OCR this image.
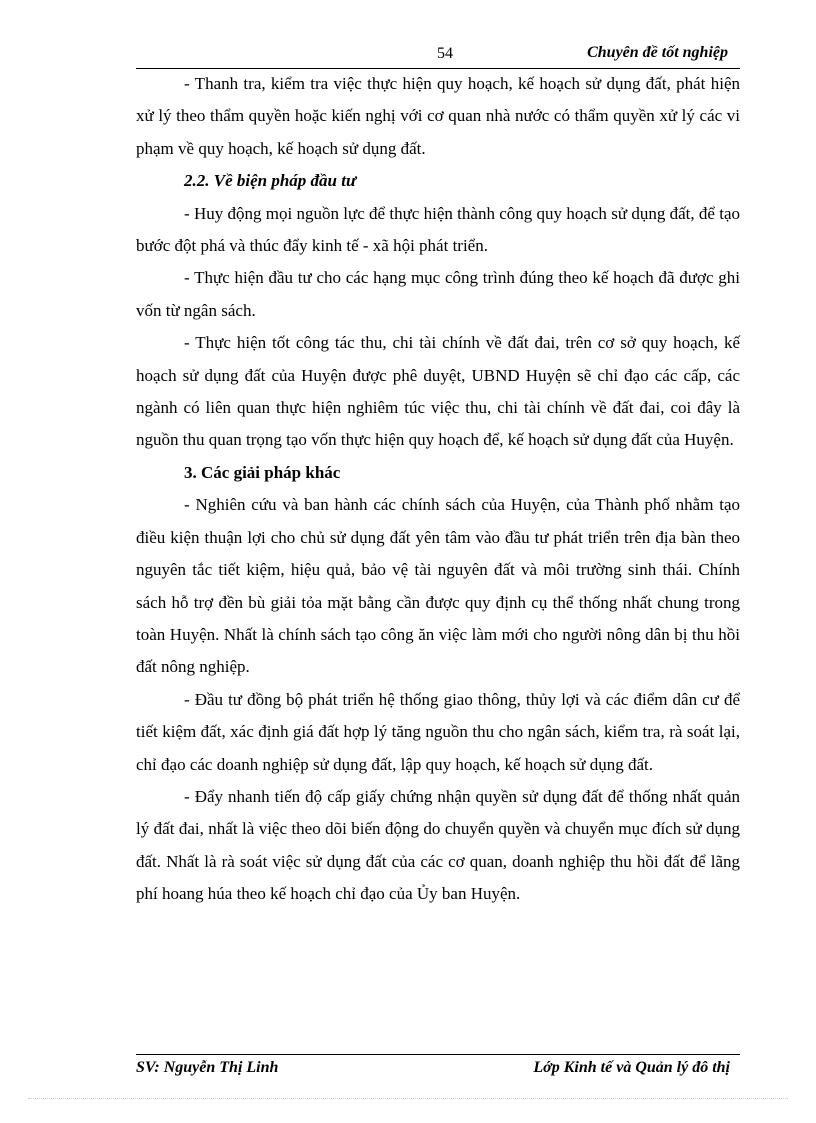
54	Chuyên đề tốt nghiệp

- Thanh tra, kiểm tra việc thực hiện quy hoạch, kế hoạch sử dụng đất, phát hiện xử lý theo thẩm quyền hoặc kiến nghị với cơ quan nhà nước có thẩm quyền xử lý các vi phạm về quy hoạch, kế hoạch sử dụng đất.

2.2. Về biện pháp đầu tư

- Huy động mọi nguồn lực để thực hiện thành công quy hoạch sử dụng đất, để tạo bước đột phá và thúc đẩy kinh tế - xã hội phát triển.

- Thực hiện đầu tư cho các hạng mục công trình đúng theo kế hoạch đã được ghi vốn từ ngân sách.

- Thực hiện tốt công tác thu, chi tài chính về đất đai, trên cơ sở quy hoạch, kế hoạch sử dụng đất của Huyện được phê duyệt, UBND Huyện sẽ chỉ đạo các cấp, các ngành có liên quan thực hiện nghiêm túc việc thu, chi tài chính về đất đai, coi đây là nguồn thu quan trọng tạo vốn thực hiện quy hoạch để, kế hoạch sử dụng đất của Huyện.

3. Các giải pháp khác

- Nghiên cứu và ban hành các chính sách của Huyện, của Thành phố nhằm tạo điều kiện thuận lợi cho chủ sử dụng đất yên tâm vào đầu tư phát triển trên địa bàn theo nguyên tắc tiết kiệm, hiệu quả, bảo vệ tài nguyên đất và môi trường sinh thái. Chính sách hỗ trợ đền bù giải tỏa mặt bằng cần được quy định cụ thể thống nhất chung trong toàn Huyện. Nhất là chính sách tạo công ăn việc làm mới cho người nông dân bị thu hồi đất nông nghiệp.

- Đầu tư đồng bộ phát triển hệ thống giao thông, thủy lợi và các điểm dân cư để tiết kiệm đất, xác định giá đất hợp lý tăng nguồn thu cho ngân sách, kiểm tra, rà soát lại, chỉ đạo các doanh nghiệp sử dụng đất, lập quy hoạch, kế hoạch sử dụng đất.

- Đẩy nhanh tiến độ cấp giấy chứng nhận quyền sử dụng đất để thống nhất quản lý đất đai, nhất là việc theo dõi biến động do chuyển quyền và chuyển mục đích sử dụng đất. Nhất là rà soát việc sử dụng đất của các cơ quan, doanh nghiệp thu hồi đất để lãng phí hoang húa theo kế hoạch chỉ đạo của Ủy ban Huyện.

SV: Nguyễn Thị Linh	Lớp Kinh tế và Quản lý đô thị
